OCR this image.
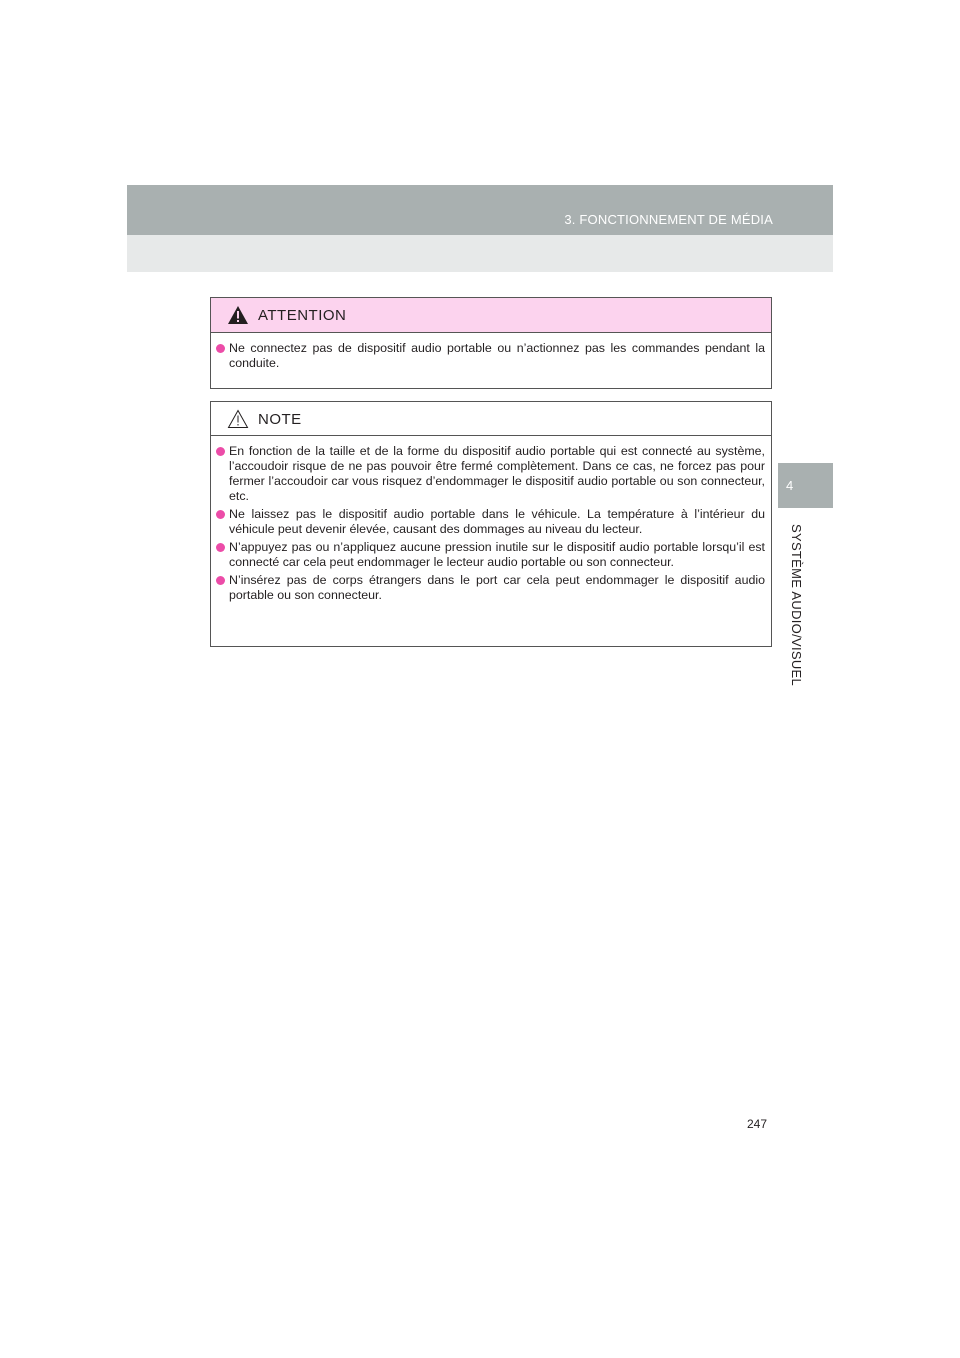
3. FONCTIONNEMENT DE MÉDIA
4
SYSTÈME AUDIO/VISUEL
ATTENTION
Ne connectez pas de dispositif audio portable ou n’actionnez pas les commandes pendant la conduite.
NOTE
En fonction de la taille et de la forme du dispositif audio portable qui est connecté au système, l’accoudoir risque de ne pas pouvoir être fermé complètement. Dans ce cas, ne forcez pas pour fermer l’accoudoir car vous risquez d’endommager le dispositif audio portable ou son connecteur, etc.
Ne laissez pas le dispositif audio portable dans le véhicule. La température à l’intérieur du véhicule peut devenir élevée, causant des dommages au niveau du lecteur.
N’appuyez pas ou n’appliquez aucune pression inutile sur le dispositif audio portable lorsqu’il est connecté car cela peut endommager le lecteur audio portable ou son connecteur.
N’insérez pas de corps étrangers dans le port car cela peut endommager le dispositif audio portable ou son connecteur.
247
